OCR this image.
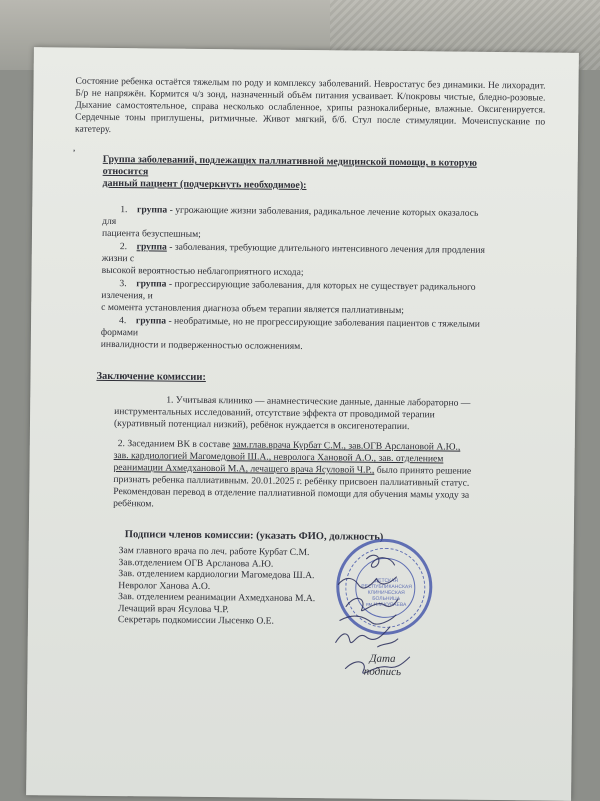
Состояние ребенка остаётся тяжелым по роду и комплексу заболеваний. Невростатус без динамики. Не лихорадит. Б/р не напряжён. Кормится ч/з зонд, назначенный объём питания усваивает. К/покровы чистые, бледно-розовые. Дыхание самостоятельное, справа несколько ослабленное, хрипы разнокалиберные, влажные. Оксигенируется. Сердечные тоны приглушены, ритмичные. Живот мягкий, б/б. Стул после стимуляции. Мочеиспускание по катетеру.

,
Группа заболеваний, подлежащих паллиативной медицинской помощи, в которую
относится
данный пациент (подчеркнуть необходимое):
1. группа - угрожающие жизни заболевания, радикальное лечение которых оказалось
для
пациента безуспешным;
2. группа - заболевания, требующие длительного интенсивного лечения для продления
жизни с
высокой вероятностью неблагоприятного исхода;
3. группа - прогрессирующие заболевания, для которых не существует радикального
излечения, и
с момента установления диагноза объем терапии является паллиативным;
4. группа - необратимые, но не прогрессирующие заболевания пациентов с тяжелыми
формами
инвалидности и подверженностью осложнениям.
Заключение комиссии:
1. Учитывая клинико — анамнестические данные, данные лабораторно —
инструментальных исследований, отсутствие эффекта от проводимой терапии
(куративный потенциал низкий), ребёнок нуждается в оксигенотерапии.
2. Заседанием ВК в составе зам.глав.врача Курбат С.М., зав.ОГВ Арслановой А.Ю.,
зав. кардиологией Магомедовой Ш.А., невролога Хановой А.О., зав. отделением
реанимации Ахмедхановой М.А, лечащего врача Ясуловой Ч.Р., было принято решение
признать ребенка паллиативным. 20.01.2025 г. ребёнку присвоен паллиативный статус.
Рекомендован перевод в отделение паллиативной помощи для обучения мамы уходу за
ребёнком.
Подписи членов комиссии: (указать ФИО, должность)
Зам главного врача по леч. работе Курбат С.М.
Зав.отделением ОГВ Арсланова А.Ю.
Зав. отделением кардиологии Магомедова Ш.А.
Невролог Ханова А.О.
Зав. отделением реанимации Ахмедханова М.А.
Лечащий врач Ясулова Ч.Р.
Секретарь подкомиссии Лысенко О.Е.
ДЕТСКАЯ РЕСПУБЛИКАНСКАЯ КЛИНИЧЕСКАЯ БОЛЬНИЦА им.Н.М.КУРАЕВА
Дата
подпись
